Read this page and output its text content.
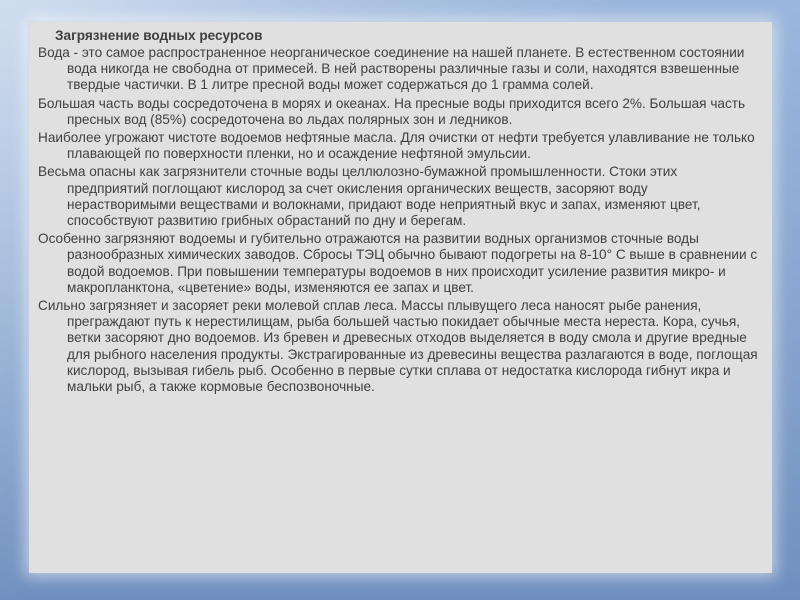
Загрязнение водных ресурсов

Вода - это самое распространенное неорганическое соединение на нашей планете. В естественном состоянии вода никогда не свободна от примесей. В ней растворены различные газы и соли, находятся взвешенные твердые частички. В 1 литре пресной воды может содержаться до 1 грамма солей.

Большая часть воды сосредоточена в морях и океанах. На пресные воды приходится всего 2%. Большая часть пресных вод (85%) сосредоточена во льдах полярных зон и ледников.

Наиболее угрожают чистоте водоемов нефтяные масла. Для очистки от нефти требуется улавливание не только плавающей по поверхности пленки, но и осаждение нефтяной эмульсии.

Весьма опасны как загрязнители сточные воды целлюлозно-бумажной промышленности. Стоки этих предприятий поглощают кислород за счет окисления органических веществ, засоряют воду нерастворимыми веществами и волокнами, придают воде неприятный вкус и запах, изменяют цвет, способствуют развитию грибных обрастаний по дну и берегам.

Особенно загрязняют водоемы и губительно отражаются на развитии водных организмов сточные воды разнообразных химических заводов. Сбросы ТЭЦ обычно бывают подогреты на 8-10° С выше в сравнении с водой водоемов. При повышении температуры водоемов в них происходит усиление развития микро- и макропланктона, «цветение» воды, изменяются ее запах и цвет.

Сильно загрязняет и засоряет реки молевой сплав леса. Массы плывущего леса наносят рыбе ранения, преграждают путь к нерестилищам, рыба большей частью покидает обычные места нереста. Кора, сучья, ветки засоряют дно водоемов. Из бревен и древесных отходов выделяется в воду смола и другие вредные для рыбного населения продукты. Экстрагированные из древесины вещества разлагаются в воде, поглощая кислород, вызывая гибель рыб. Особенно в первые сутки сплава от недостатка кислорода гибнут икра и мальки рыб, а также кормовые беспозвоночные.
